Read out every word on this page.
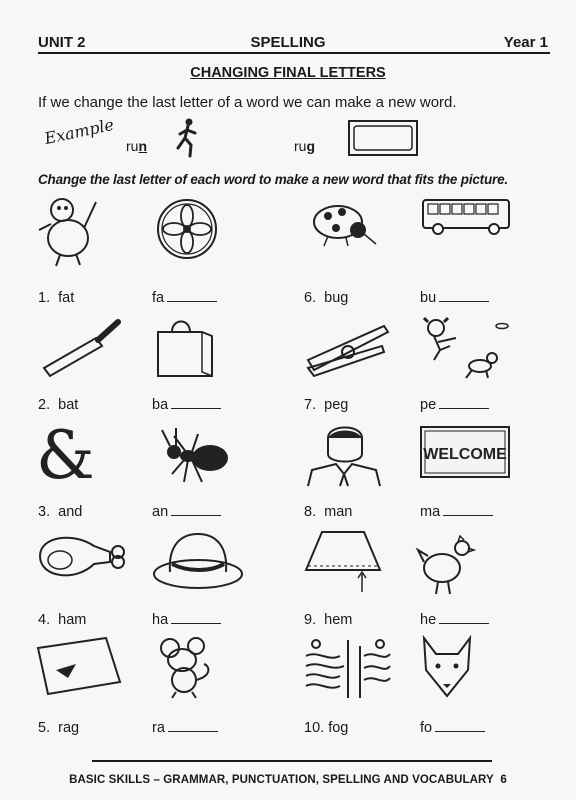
UNIT 2	SPELLING	Year 1
CHANGING FINAL LETTERS
If we change the last letter of a word we can make a new word.
Example run	rug
Change the last letter of each word to make a new word that fits the picture.
&	WELCOME
1. fat	fa
2. bat	ba
3. and	an
4. ham	ha
5. rag	ra
6. bug	bu
7. peg	pe
8. man	ma
9. hem	he
10. fog	fo
BASIC SKILLS – GRAMMAR, PUNCTUATION, SPELLING AND VOCABULARY 6
